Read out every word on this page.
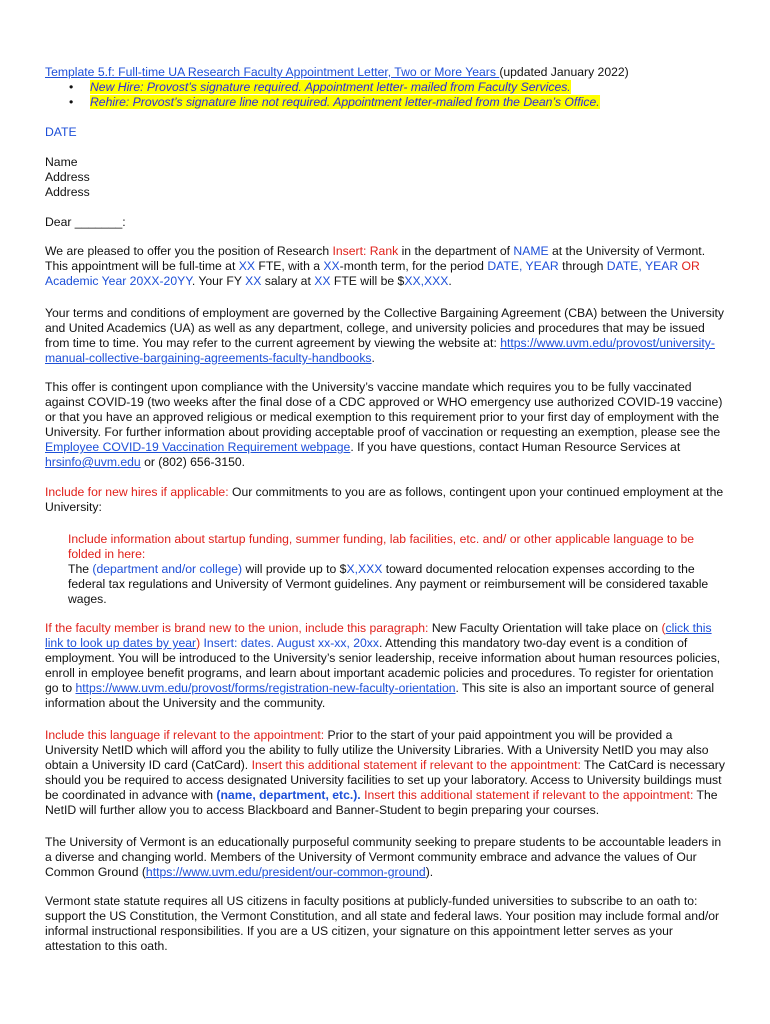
Template 5.f: Full-time UA Research Faculty Appointment Letter, Two or More Years (updated January 2022)

• New Hire: Provost’s signature required. Appointment letter- mailed from Faculty Services.
• Rehire: Provost’s signature line not required. Appointment letter-mailed from the Dean’s Office.
DATE

Name

Address

Address

Dear _______:
We are pleased to offer you the position of Research Insert: Rank in the department of NAME at the University of Vermont. This appointment will be full-time at XX FTE, with a XX-month term, for the period DATE, YEAR through DATE, YEAR OR Academic Year 20XX-20YY. Your FY XX salary at XX FTE will be $XX,XXX.
Your terms and conditions of employment are governed by the Collective Bargaining Agreement (CBA) between the University and United Academics (UA) as well as any department, college, and university policies and procedures that may be issued from time to time. You may refer to the current agreement by viewing the website at: https://www.uvm.edu/provost/university-manual-collective-bargaining-agreements-faculty-handbooks.
This offer is contingent upon compliance with the University’s vaccine mandate which requires you to be fully vaccinated against COVID-19 (two weeks after the final dose of a CDC approved or WHO emergency use authorized COVID-19 vaccine) or that you have an approved religious or medical exemption to this requirement prior to your first day of employment with the University. For further information about providing acceptable proof of vaccination or requesting an exemption, please see the Employee COVID-19 Vaccination Requirement webpage. If you have questions, contact Human Resource Services at hrsinfo@uvm.edu or (802) 656-3150.
Include for new hires if applicable: Our commitments to you are as follows, contingent upon your continued employment at the University:

Include information about startup funding, summer funding, lab facilities, etc. and/ or other applicable language to be folded in here:

The (department and/or college) will provide up to $X,XXX toward documented relocation expenses according to the federal tax regulations and University of Vermont guidelines. Any payment or reimbursement will be considered taxable wages.

If the faculty member is brand new to the union, include this paragraph: New Faculty Orientation will take place on (click this link to look up dates by year) Insert: dates. August xx-xx, 20xx. Attending this mandatory two-day event is a condition of employment. You will be introduced to the University’s senior leadership, receive information about human resources policies, enroll in employee benefit programs, and learn about important academic policies and procedures. To register for orientation go to https://www.uvm.edu/provost/forms/registration-new-faculty-orientation. This site is also an important source of general information about the University and the community.
Include this language if relevant to the appointment: Prior to the start of your paid appointment you will be provided a University NetID which will afford you the ability to fully utilize the University Libraries. With a University NetID you may also obtain a University ID card (CatCard). Insert this additional statement if relevant to the appointment: The CatCard is necessary should you be required to access designated University facilities to set up your laboratory. Access to University buildings must be coordinated in advance with (name, department, etc.). Insert this additional statement if relevant to the appointment: The NetID will further allow you to access Blackboard and Banner-Student to begin preparing your courses.
The University of Vermont is an educationally purposeful community seeking to prepare students to be accountable leaders in a diverse and changing world. Members of the University of Vermont community embrace and advance the values of Our Common Ground (https://www.uvm.edu/president/our-common-ground).
Vermont state statute requires all US citizens in faculty positions at publicly-funded universities to subscribe to an oath to: support the US Constitution, the Vermont Constitution, and all state and federal laws. Your position may include formal and/or informal instructional responsibilities. If you are a US citizen, your signature on this appointment letter serves as your attestation to this oath.
